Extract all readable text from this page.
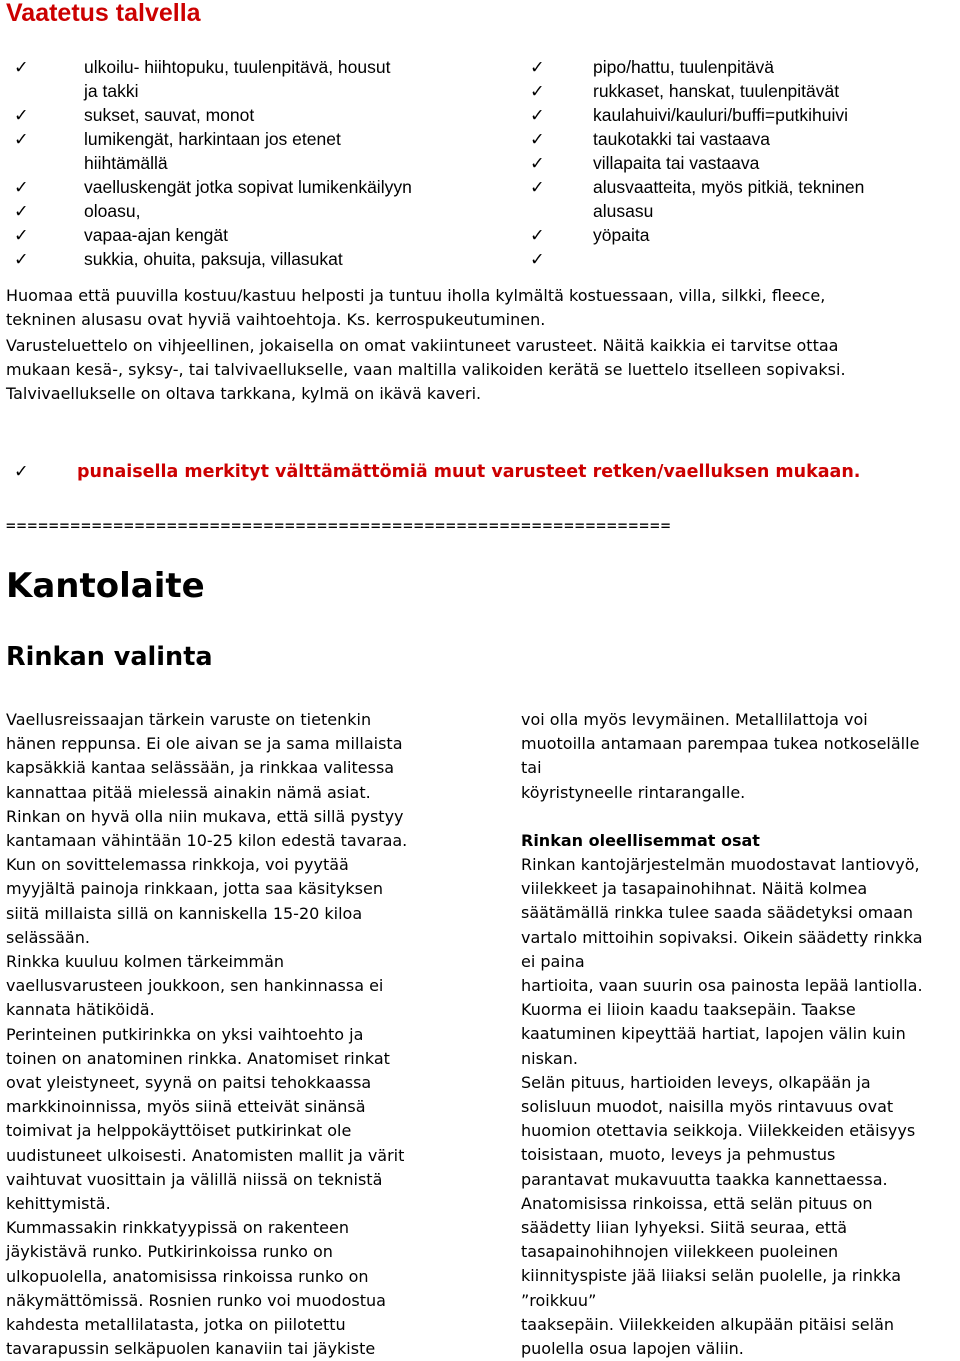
Vaatetus talvella
✓	ulkoilu- hiihtopuku, tuulenpitävä, housut
ja takki
✓	sukset, sauvat, monot
✓	lumikengät, harkintaan jos etenet
hiihtämällä
✓	vaelluskengät jotka sopivat lumikenkäilyyn
✓	oloasu,
✓	vapaa-ajan kengät
✓	sukkia, ohuita, paksuja, villasukat
✓	pipo/hattu, tuulenpitävä
✓	rukkaset, hanskat, tuulenpitävät
✓	kaulahuivi/kauluri/buffi=putkihuivi
✓	taukotakki tai vastaava
✓	villapaita tai vastaava
✓	alusvaatteita, myös pitkiä, tekninen
alusasu
✓	yöpaita
✓

Huomaa että puuvilla kostuu/kastuu helposti ja tuntuu iholla kylmältä kostuessaan, villa, silkki, fleece,

tekninen alusasu ovat hyviä vaihtoehtoja. Ks. kerrospukeutuminen.

Varusteluettelo on vihjeellinen, jokaisella on omat vakiintuneet varusteet. Näitä kaikkia ei tarvitse ottaa

mukaan kesä-, syksy-, tai talvivaellukselle, vaan maltilla valikoiden kerätä se luettelo itselleen sopivaksi.

Talvivaellukselle on oltava tarkkana, kylmä on ikävä kaveri.

✓	punaisella merkityt välttämättömiä muut varusteet retken/vaelluksen mukaan.
==============================================================
Kantolaite
Rinkan valinta

Vaellusreissaajan tärkein varuste on tietenkin

hänen reppunsa. Ei ole aivan se ja sama millaista

kapsäkkiä kantaa selässään, ja rinkkaa valitessa

kannattaa pitää mielessä ainakin nämä asiat.

Rinkan on hyvä olla niin mukava, että sillä pystyy

kantamaan vähintään 10-25 kilon edestä tavaraa.

Kun on sovittelemassa rinkkoja, voi pyytää

myyjältä painoja rinkkaan, jotta saa käsityksen

siitä millaista sillä on kanniskella 15-20 kiloa

selässään.

Rinkka kuuluu kolmen tärkeimmän

vaellusvarusteen joukkoon, sen hankinnassa ei

kannata hätiköidä.

Perinteinen putkirinkka on yksi vaihtoehto ja

toinen on anatominen rinkka. Anatomiset rinkat

ovat yleistyneet, syynä on paitsi tehokkaassa

markkinoinnissa, myös siinä etteivät sinänsä

toimivat ja helppokäyttöiset putkirinkat ole

uudistuneet ulkoisesti. Anatomisten mallit ja värit

vaihtuvat vuosittain ja välillä niissä on teknistä

kehittymistä.

Kummassakin rinkkatyypissä on rakenteen

jäykistävä runko. Putkirinkoissa runko on

ulkopuolella, anatomisissa rinkoissa runko on

näkymättömissä. Rosnien runko voi muodostua

kahdesta metallilatasta, jotka on piilotettu

tavarapussin selkäpuolen kanaviin tai jäykiste

voi olla myös levymäinen. Metallilattoja voi

muotoilla antamaan parempaa tukea notkoselälle

tai

köyristyneelle rintarangalle.

Rinkan oleellisemmat osat

Rinkan kantojärjestelmän muodostavat lantiovyö,

viilekkeet ja tasapainohihnat. Näitä kolmea

säätämällä rinkka tulee saada säädetyksi omaan

vartalo mittoihin sopivaksi. Oikein säädetty rinkka

ei paina

hartioita, vaan suurin osa painosta lepää lantiolla.

Kuorma ei liioin kaadu taaksepäin. Taakse

kaatuminen kipeyttää hartiat, lapojen välin kuin

niskan.

Selän pituus, hartioiden leveys, olkapään ja

solisluun muodot, naisilla myös rintavuus ovat

huomion otettavia seikkoja. Viilekkeiden etäisyys

toisistaan, muoto, leveys ja pehmustus

parantavat mukavuutta taakka kannettaessa.

Anatomisissa rinkoissa, että selän pituus on

säädetty liian lyhyeksi. Siitä seuraa, että

tasapainohihnojen viilekkeen puoleinen

kiinnityspiste jää liiaksi selän puolelle, ja rinkka

”roikkuu”

taaksepäin. Viilekkeiden alkupään pitäisi selän

puolella osua lapojen väliin.
